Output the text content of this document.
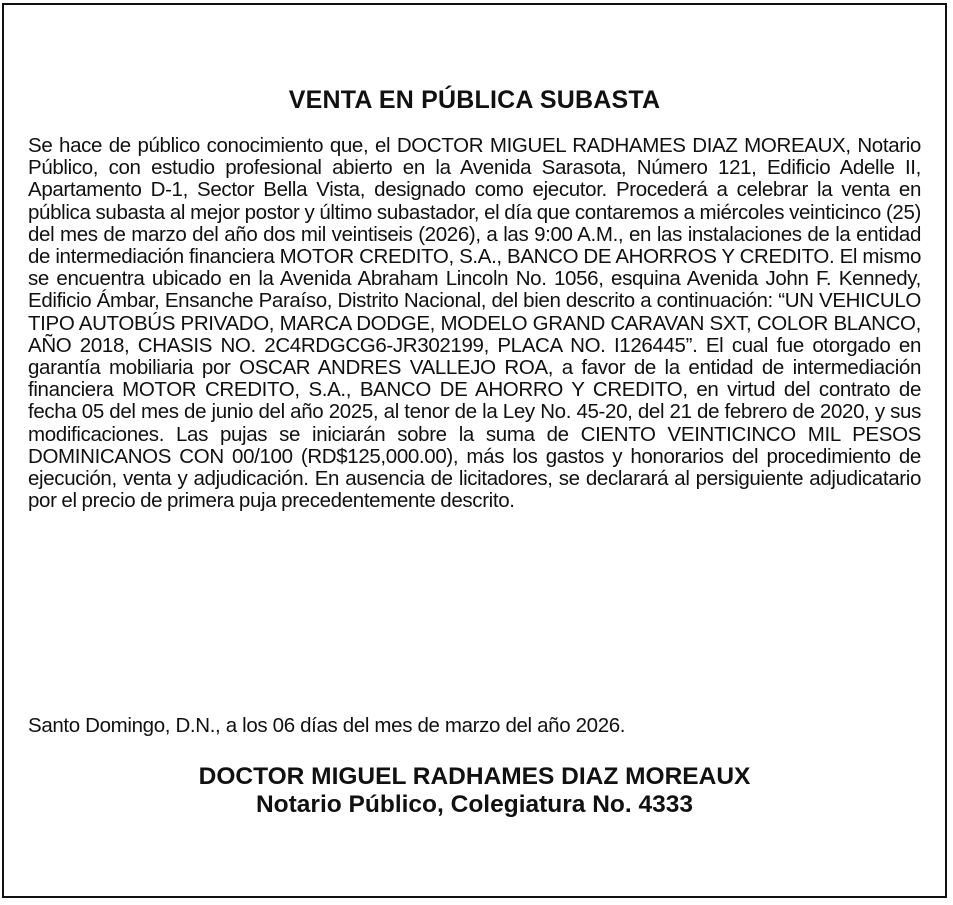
VENTA EN PÚBLICA SUBASTA

Se hace de público conocimiento que, el DOCTOR MIGUEL RADHAMES DIAZ MOREAUX, Notario Público, con estudio profesional abierto en la Avenida Sarasota, Número 121, Edificio Adelle II, Apartamento D-1, Sector Bella Vista, designado como ejecutor. Procederá a celebrar la venta en pública subasta al mejor postor y último subastador, el día que contaremos a miércoles veinticinco (25) del mes de marzo del año dos mil veintiseis (2026), a las 9:00 A.M., en las instalaciones de la entidad de intermediación financiera MOTOR CREDITO, S.A., BANCO DE AHORROS Y CREDITO. El mismo se encuentra ubicado en la Avenida Abraham Lincoln No. 1056, esquina Avenida John F. Kennedy, Edificio Ámbar, Ensanche Paraíso, Distrito Nacional, del bien descrito a continuación: “UN VEHICULO TIPO AUTOBÚS PRIVADO, MARCA DODGE, MODELO GRAND CARAVAN SXT, COLOR BLANCO, AÑO 2018, CHASIS NO. 2C4RDGCG6-​JR302199, PLACA NO. I126445”. El cual fue otorgado en garantía mobiliaria por OSCAR ANDRES VALLEJO ROA, a favor de la entidad de intermediación financiera MOTOR CREDITO, S.A., BANCO DE AHORRO Y CREDITO, en virtud del contrato de fecha 05 del mes de junio del año 2025, al tenor de la Ley No. 45-20, del 21 de febrero de 2020, y sus modificaciones. Las pujas se iniciarán sobre la suma de CIENTO VEINTICINCO MIL PESOS DOMINICANOS CON 00/100 (RD$125,000.00), más los gastos y honorarios del procedimiento de ejecución, venta y adjudicación. En ausencia de licitadores, se declarará al persiguiente adjudicatario por el precio de primera puja precedentemente descrito.

Santo Domingo, D.N., a los 06 días del mes de marzo del año 2026.

DOCTOR MIGUEL RADHAMES DIAZ MOREAUX
Notario Público, Colegiatura No. 4333
